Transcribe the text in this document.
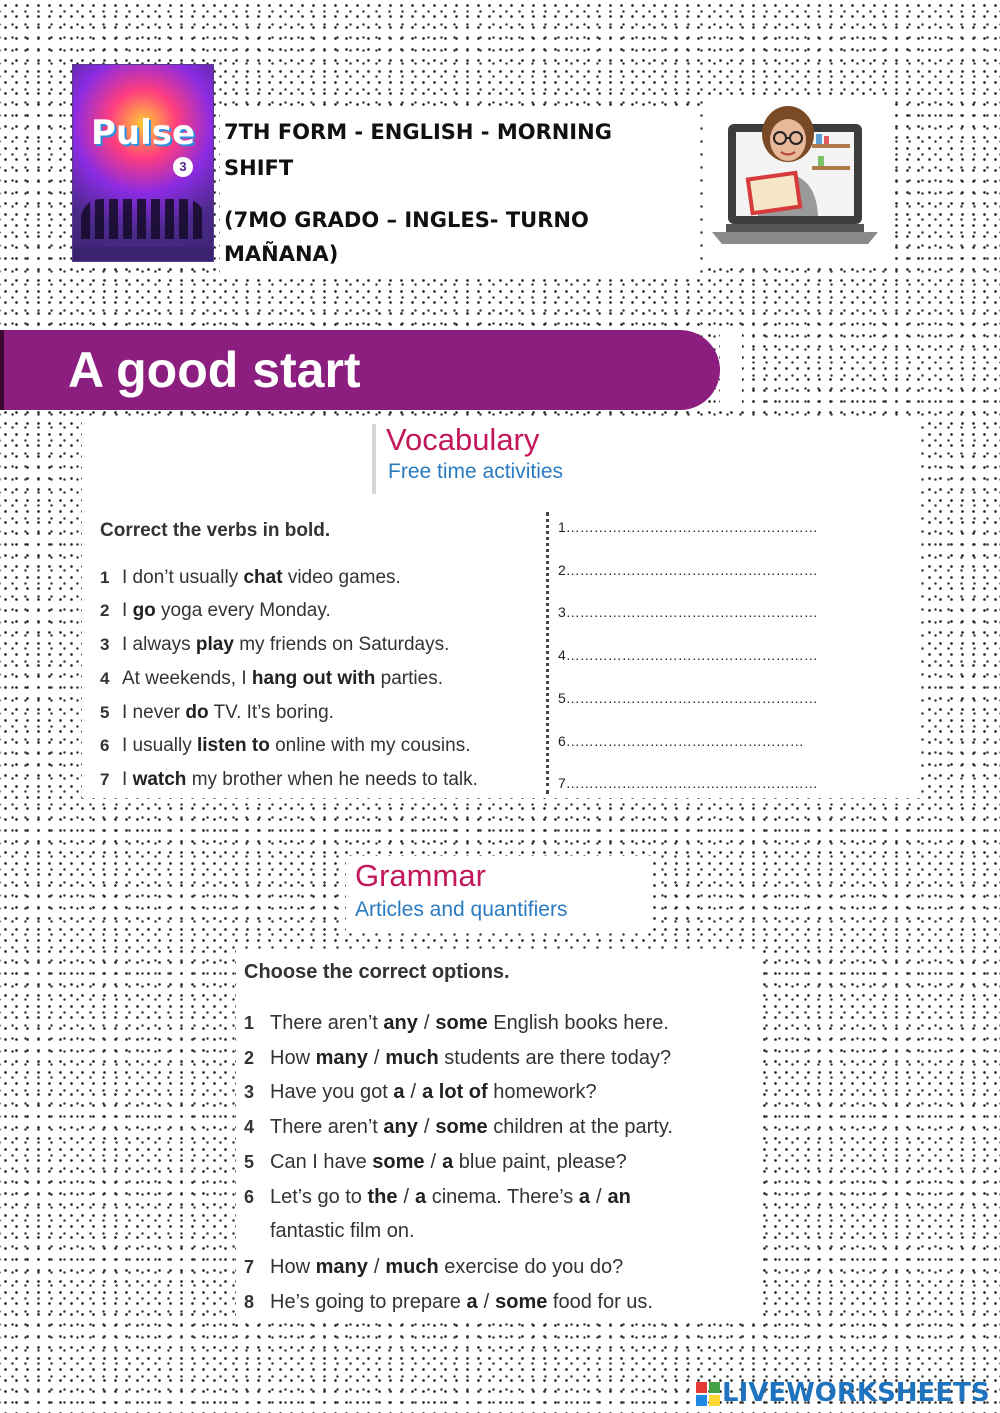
Pulse
3
7TH FORM - ENGLISH - MORNING
SHIFT
(7MO GRADO – INGLES- TURNO
MAÑANA)
A good start
Vocabulary
Free time activities
Correct the verbs in bold.
1 I don’t usually chat video games.
2 I go yoga every Monday.
3 I always play my friends on Saturdays.
4 At weekends, I hang out with parties.
5 I never do TV. It’s boring.
6 I usually listen to online with my cousins.
7 I watch my brother when he needs to talk.
1………………………………………………
2………………………………………………
3………………………………………………
4………………………………………………
5………………………………………………
6……………………………………………
7………………………………………………
Grammar
Articles and quantifiers
Choose the correct options.
1 There aren’t any / some English books here.
2 How many / much students are there today?
3 Have you got a / a lot of homework?
4 There aren’t any / some children at the party.
5 Can I have some / a blue paint, please?
6 Let’s go to the / a cinema. There’s a / an
fantastic film on.
7 How many / much exercise do you do?
8 He’s going to prepare a / some food for us.
LIVEWORKSHEETS
